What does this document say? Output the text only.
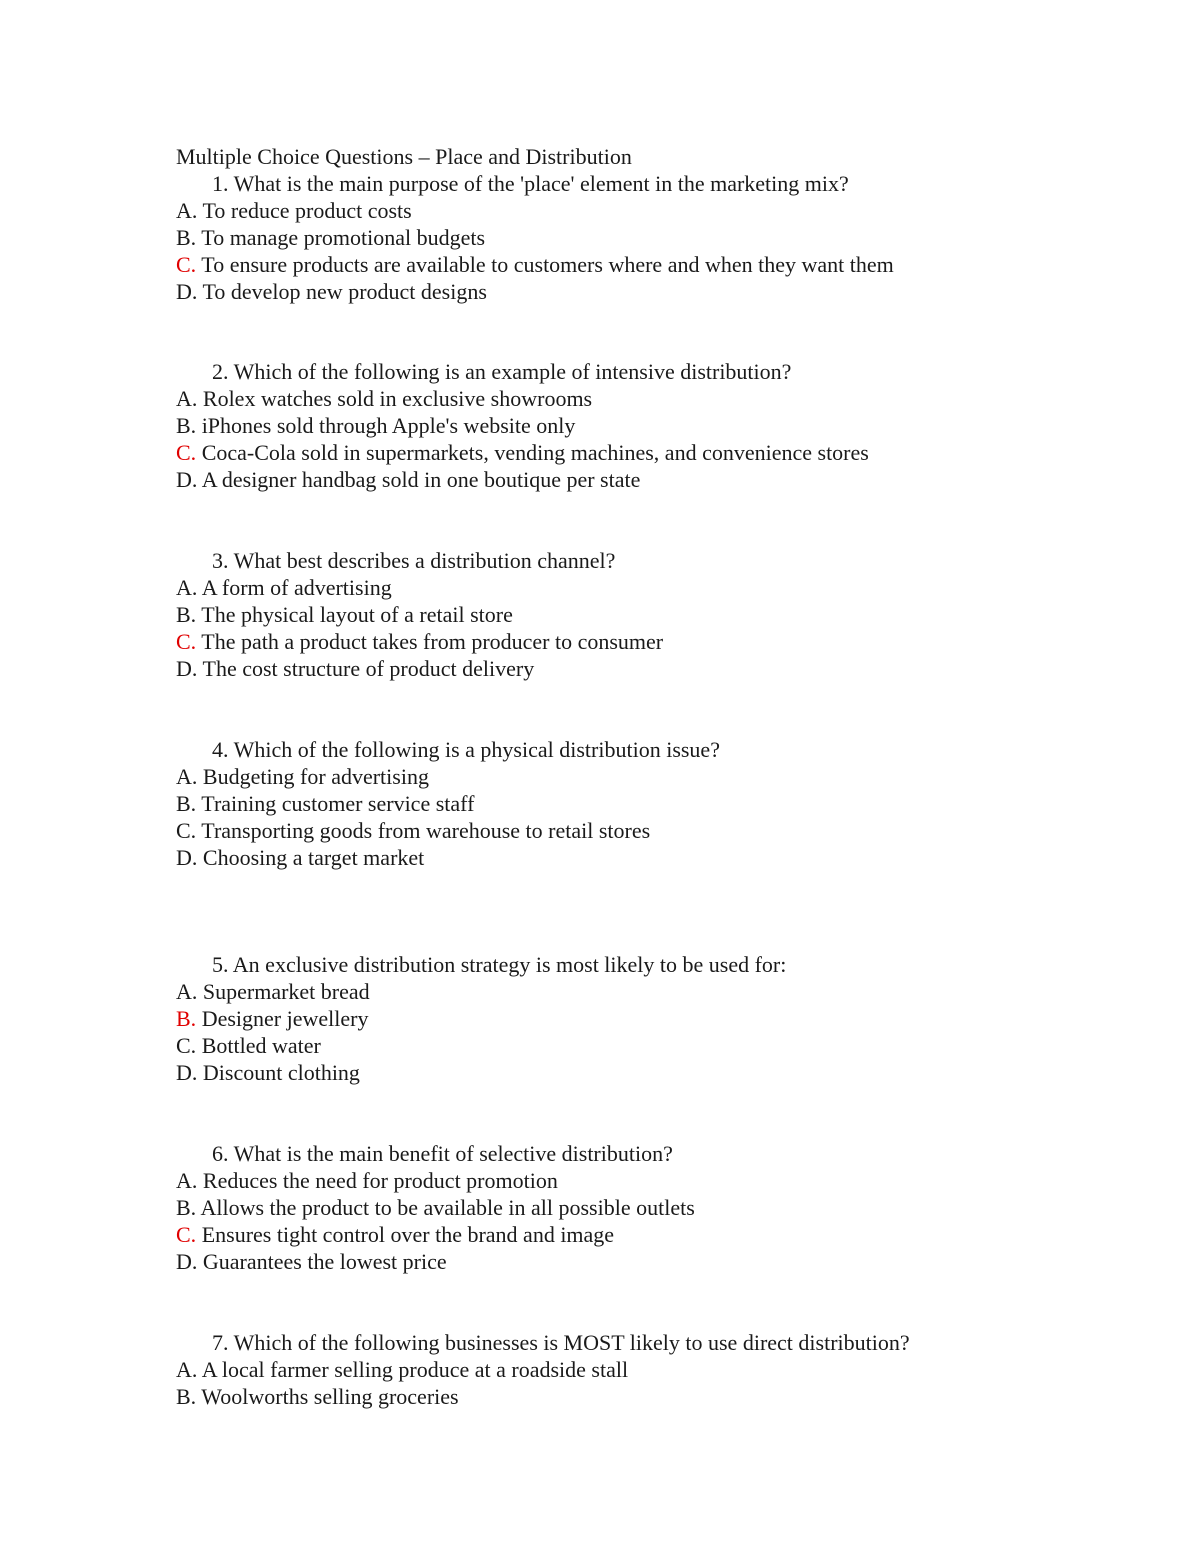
Multiple Choice Questions – Place and Distribution
1. What is the main purpose of the 'place' element in the marketing mix?
A. To reduce product costs
B. To manage promotional budgets
C. To ensure products are available to customers where and when they want them
D. To develop new product designs
2. Which of the following is an example of intensive distribution?
A. Rolex watches sold in exclusive showrooms
B. iPhones sold through Apple's website only
C. Coca-Cola sold in supermarkets, vending machines, and convenience stores
D. A designer handbag sold in one boutique per state
3. What best describes a distribution channel?
A. A form of advertising
B. The physical layout of a retail store
C. The path a product takes from producer to consumer
D. The cost structure of product delivery
4. Which of the following is a physical distribution issue?
A. Budgeting for advertising
B. Training customer service staff
C. Transporting goods from warehouse to retail stores
D. Choosing a target market
5. An exclusive distribution strategy is most likely to be used for:
A. Supermarket bread
B. Designer jewellery
C. Bottled water
D. Discount clothing
6. What is the main benefit of selective distribution?
A. Reduces the need for product promotion
B. Allows the product to be available in all possible outlets
C. Ensures tight control over the brand and image
D. Guarantees the lowest price
7. Which of the following businesses is MOST likely to use direct distribution?
A. A local farmer selling produce at a roadside stall
B. Woolworths selling groceries
